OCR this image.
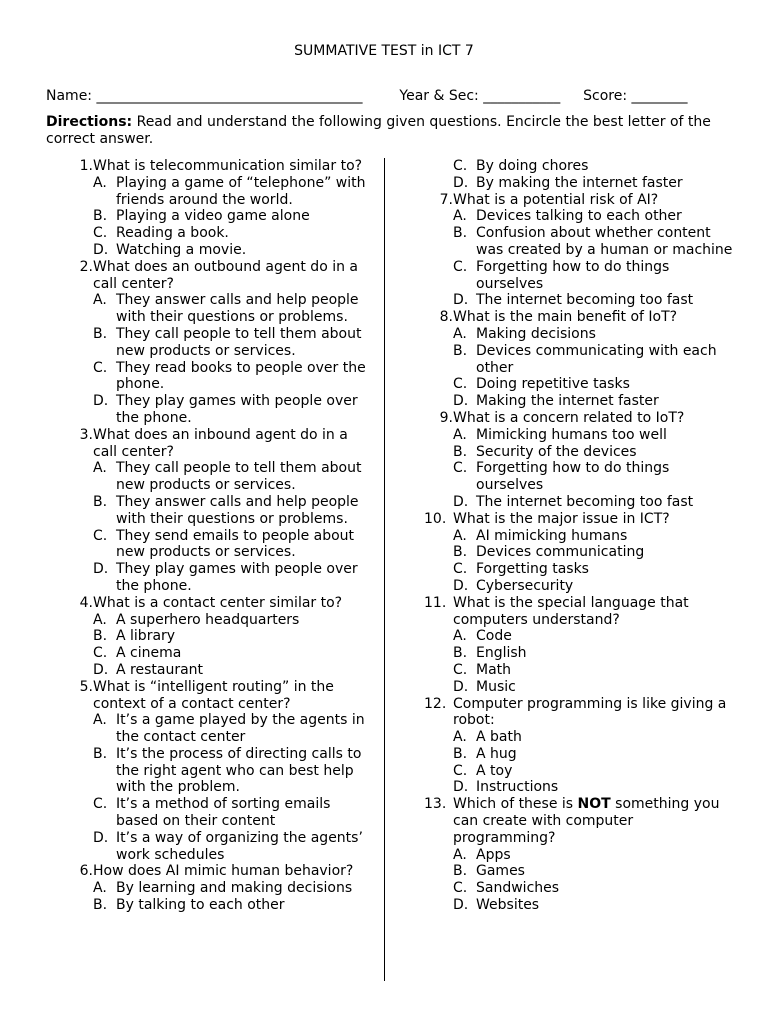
SUMMATIVE TEST in ICT 7
Name: ______________________________________	Year & Sec: ___________ Score: ________
Directions: Read and understand the following given questions. Encircle the best letter of the correct answer.
1. What is telecommunication similar to?
A. Playing a game of “telephone” with friends around the world.
B. Playing a video game alone
C. Reading a book.
D. Watching a movie.
2. What does an outbound agent do in a call center?
A. They answer calls and help people with their questions or problems.
B. They call people to tell them about new products or services.
C. They read books to people over the phone.
D. They play games with people over the phone.
3. What does an inbound agent do in a call center?
A. They call people to tell them about new products or services.
B. They answer calls and help people with their questions or problems.
C. They send emails to people about new products or services.
D. They play games with people over the phone.
4. What is a contact center similar to?
A. A superhero headquarters
B. A library
C. A cinema
D. A restaurant
5. What is “intelligent routing” in the context of a contact center?
A. It’s a game played by the agents in the contact center
B. It’s the process of directing calls to the right agent who can best help with the problem.
C. It’s a method of sorting emails based on their content
D. It’s a way of organizing the agents’ work schedules
6. How does AI mimic human behavior?
A. By learning and making decisions
B. By talking to each other
C. By doing chores
D. By making the internet faster
7. What is a potential risk of AI?
A. Devices talking to each other
B. Confusion about whether content was created by a human or machine
C. Forgetting how to do things ourselves
D. The internet becoming too fast
8. What is the main benefit of IoT?
A. Making decisions
B. Devices communicating with each other
C. Doing repetitive tasks
D. Making the internet faster
9. What is a concern related to IoT?
A. Mimicking humans too well
B. Security of the devices
C. Forgetting how to do things ourselves
D. The internet becoming too fast
10. What is the major issue in ICT?
A. AI mimicking humans
B. Devices communicating
C. Forgetting tasks
D. Cybersecurity
11. What is the special language that computers understand?
A. Code
B. English
C. Math
D. Music
12. Computer programming is like giving a robot:
A. A bath
B. A hug
C. A toy
D. Instructions
13. Which of these is NOT something you can create with computer programming?
A. Apps
B. Games
C. Sandwiches
D. Websites
